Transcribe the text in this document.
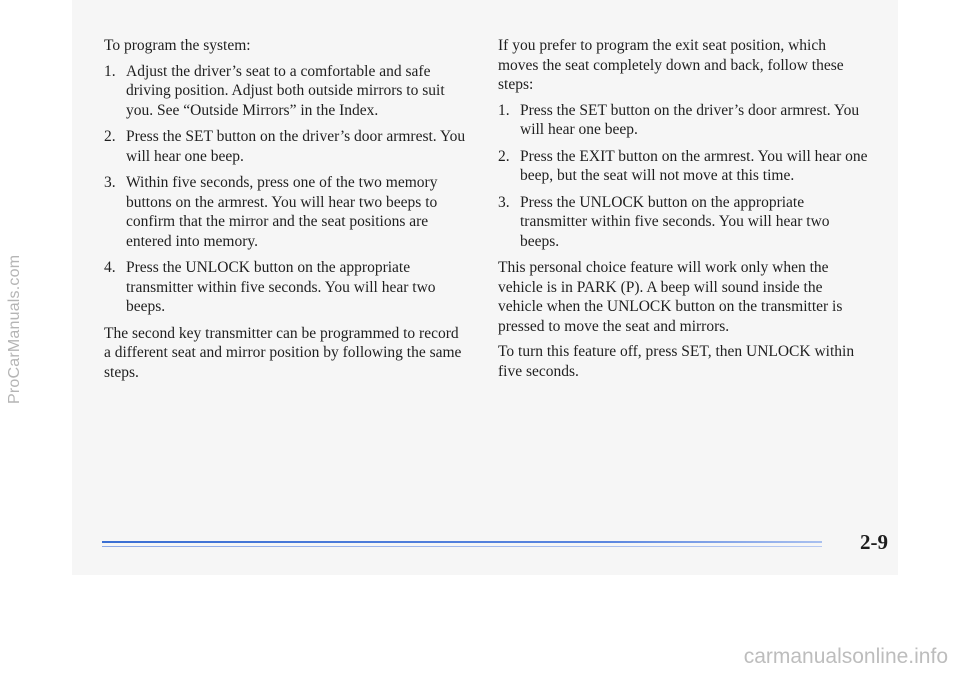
To program the system:

1. Adjust the driver’s seat to a comfortable and safe driving position. Adjust both outside mirrors to suit you. See “Outside Mirrors” in the Index.
2. Press the SET button on the driver’s door armrest. You will hear one beep.
3. Within five seconds, press one of the two memory buttons on the armrest. You will hear two beeps to confirm that the mirror and the seat positions are entered into memory.
4. Press the UNLOCK button on the appropriate transmitter within five seconds. You will hear two beeps.

The second key transmitter can be programmed to record a different seat and mirror position by following the same steps.

If you prefer to program the exit seat position, which moves the seat completely down and back, follow these steps:

1. Press the SET button on the driver’s door armrest. You will hear one beep.
2. Press the EXIT button on the armrest. You will hear one beep, but the seat will not move at this time.
3. Press the UNLOCK button on the appropriate transmitter within five seconds. You will hear two beeps.

This personal choice feature will work only when the vehicle is in PARK (P). A beep will sound inside the vehicle when the UNLOCK button on the transmitter is pressed to move the seat and mirrors.

To turn this feature off, press SET, then UNLOCK within five seconds.

2-9
ProCarManuals.com
carmanualsonline.info
